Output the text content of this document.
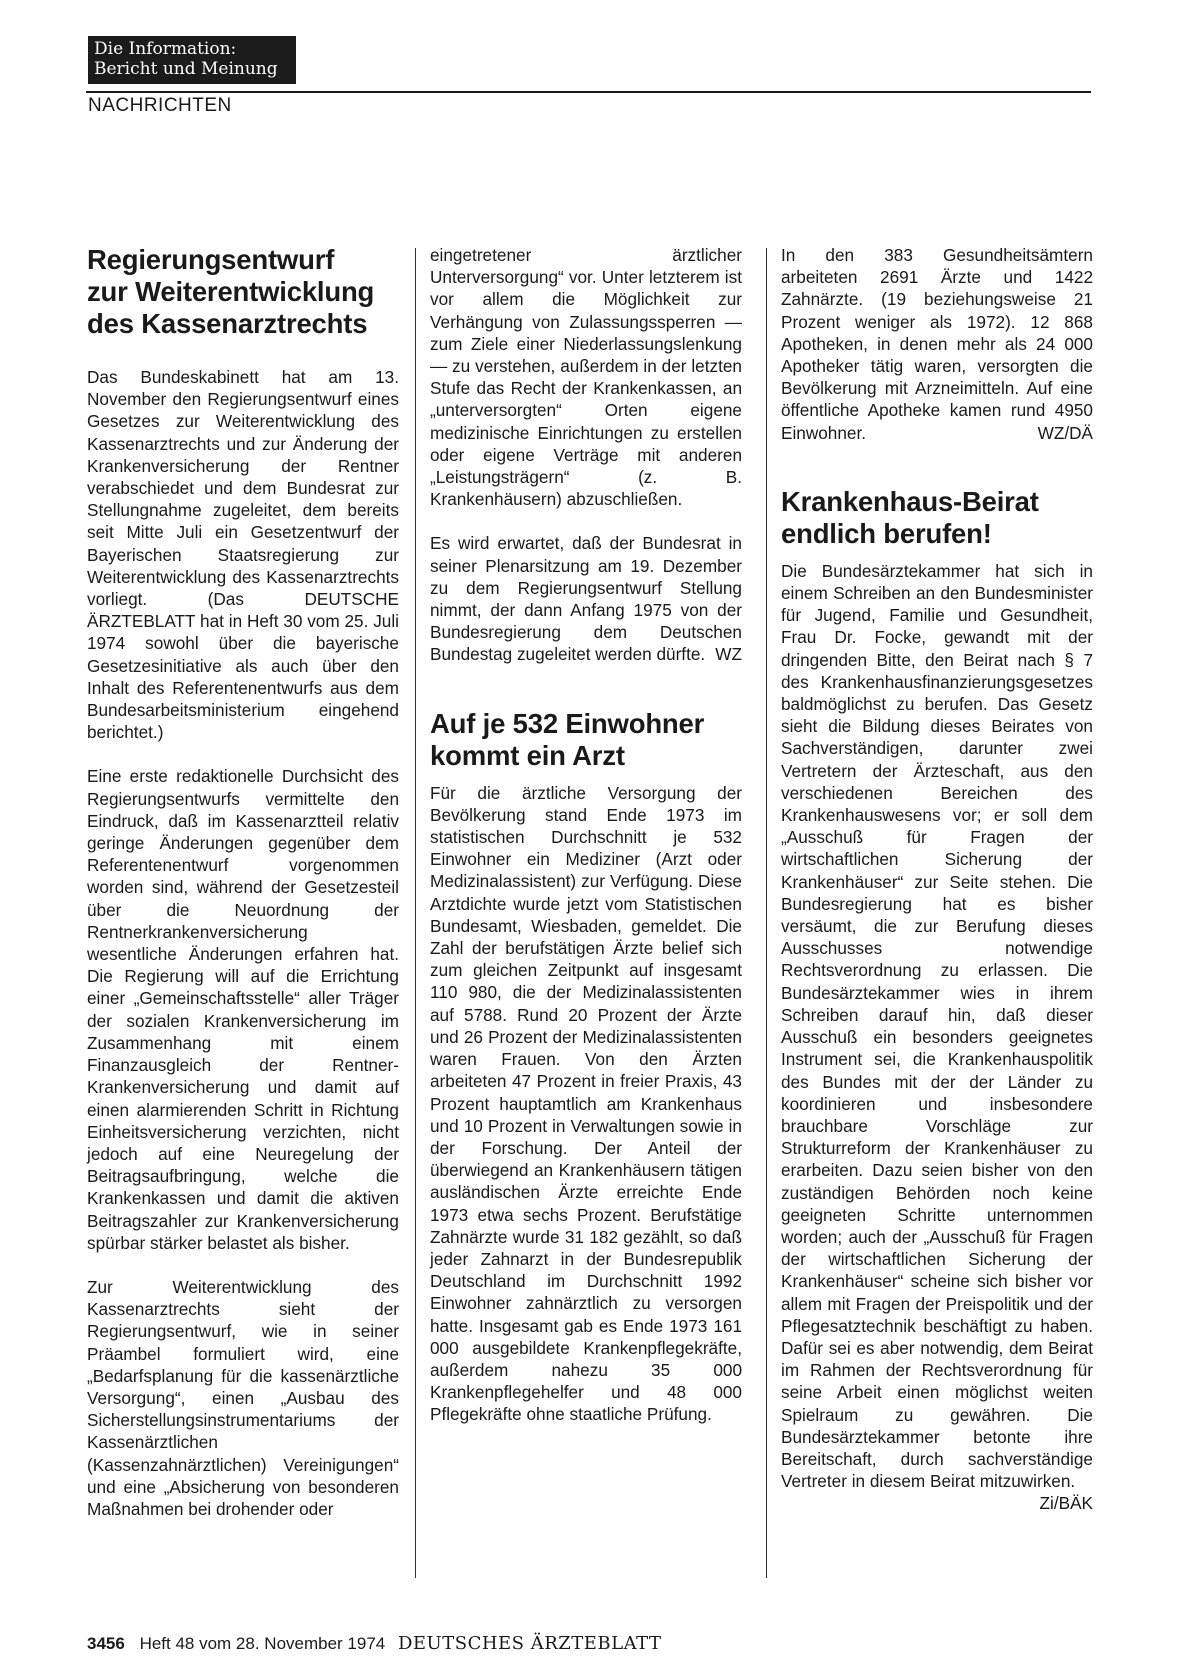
Die Information:
Bericht und Meinung
NACHRICHTEN
Regierungsentwurf
zur Weiterentwicklung
des Kassenarztrechts

Das Bundeskabinett hat am 13. November den Regierungsentwurf eines Gesetzes zur Weiterentwicklung des Kassenarztrechts und zur Änderung der Krankenversicherung der Rentner verabschiedet und dem Bundesrat zur Stellungnahme zugeleitet, dem bereits seit Mitte Juli ein Gesetzentwurf der Bayerischen Staatsregierung zur Weiterentwicklung des Kassenarztrechts vorliegt. (Das DEUTSCHE ÄRZTEBLATT hat in Heft 30 vom 25. Juli 1974 sowohl über die bayerische Gesetzesinitiative als auch über den Inhalt des Referentenentwurfs aus dem Bundesarbeitsministerium eingehend berichtet.)

Eine erste redaktionelle Durchsicht des Regierungsentwurfs vermittelte den Eindruck, daß im Kassenarztteil relativ geringe Änderungen gegenüber dem Referentenentwurf vorgenommen worden sind, während der Gesetzesteil über die Neuordnung der Rentnerkrankenversicherung wesentliche Änderungen erfahren hat. Die Regierung will auf die Errichtung einer „Gemeinschaftsstelle“ aller Träger der sozialen Krankenversicherung im Zusammenhang mit einem Finanzausgleich der Rentner-Krankenversicherung und damit auf einen alarmierenden Schritt in Richtung Einheitsversicherung verzichten, nicht jedoch auf eine Neuregelung der Beitragsaufbringung, welche die Krankenkassen und damit die aktiven Beitragszahler zur Krankenversicherung spürbar stärker belastet als bisher.

Zur Weiterentwicklung des Kassenarztrechts sieht der Regierungsentwurf, wie in seiner Präambel formuliert wird, eine „Bedarfsplanung für die kassenärztliche Versorgung“, einen „Ausbau des Sicherstellungsinstrumentariums der Kassenärztlichen (Kassenzahnärztlichen) Vereinigungen“ und eine „Absicherung von besonderen Maßnahmen bei drohender oder

eingetretener ärztlicher Unterversorgung“ vor. Unter letzterem ist vor allem die Möglichkeit zur Verhängung von Zulassungssperren — zum Ziele einer Niederlassungslenkung — zu verstehen, außerdem in der letzten Stufe das Recht der Krankenkassen, an „unterversorgten“ Orten eigene medizinische Einrichtungen zu erstellen oder eigene Verträge mit anderen „Leistungsträgern“ (z. B. Krankenhäusern) abzuschließen.

Es wird erwartet, daß der Bundesrat in seiner Plenarsitzung am 19. Dezember zu dem Regierungsentwurf Stellung nimmt, der dann Anfang 1975 von der Bundesregierung dem Deutschen Bundestag zugeleitet werden dürfte. WZ

Auf je 532 Einwohner
kommt ein Arzt

Für die ärztliche Versorgung der Bevölkerung stand Ende 1973 im statistischen Durchschnitt je 532 Einwohner ein Mediziner (Arzt oder Medizinalassistent) zur Verfügung. Diese Arztdichte wurde jetzt vom Statistischen Bundesamt, Wiesbaden, gemeldet. Die Zahl der berufstätigen Ärzte belief sich zum gleichen Zeitpunkt auf insgesamt 110 980, die der Medizinalassistenten auf 5788. Rund 20 Prozent der Ärzte und 26 Prozent der Medizinalassistenten waren Frauen. Von den Ärzten arbeiteten 47 Prozent in freier Praxis, 43 Prozent hauptamtlich am Krankenhaus und 10 Prozent in Verwaltungen sowie in der Forschung. Der Anteil der überwiegend an Krankenhäusern tätigen ausländischen Ärzte erreichte Ende 1973 etwa sechs Prozent. Berufstätige Zahnärzte wurde 31 182 gezählt, so daß jeder Zahnarzt in der Bundesrepublik Deutschland im Durchschnitt 1992 Einwohner zahnärztlich zu versorgen hatte. Insgesamt gab es Ende 1973 161 000 ausgebildete Krankenpflegekräfte, außerdem nahezu 35 000 Krankenpflegehelfer und 48 000 Pflegekräfte ohne staatliche Prüfung.

In den 383 Gesundheitsämtern arbeiteten 2691 Ärzte und 1422 Zahnärzte. (19 beziehungsweise 21 Prozent weniger als 1972). 12 868 Apotheken, in denen mehr als 24 000 Apotheker tätig waren, versorgten die Bevölkerung mit Arzneimitteln. Auf eine öffentliche Apotheke kamen rund 4950 Einwohner.	WZ/DÄ

Krankenhaus-Beirat
endlich berufen!

Die Bundesärztekammer hat sich in einem Schreiben an den Bundesminister für Jugend, Familie und Gesundheit, Frau Dr. Focke, gewandt mit der dringenden Bitte, den Beirat nach § 7 des Krankenhausfinanzierungsgesetzes baldmöglichst zu berufen. Das Gesetz sieht die Bildung dieses Beirates von Sachverständigen, darunter zwei Vertretern der Ärzteschaft, aus den verschiedenen Bereichen des Krankenhauswesens vor; er soll dem „Ausschuß für Fragen der wirtschaftlichen Sicherung der Krankenhäuser“ zur Seite stehen. Die Bundesregierung hat es bisher versäumt, die zur Berufung dieses Ausschusses notwendige Rechtsverordnung zu erlassen. Die Bundesärztekammer wies in ihrem Schreiben darauf hin, daß dieser Ausschuß ein besonders geeignetes Instrument sei, die Krankenhauspolitik des Bundes mit der der Länder zu koordinieren und insbesondere brauchbare Vorschläge zur Strukturreform der Krankenhäuser zu erarbeiten. Dazu seien bisher von den zuständigen Behörden noch keine geeigneten Schritte unternommen worden; auch der „Ausschuß für Fragen der wirtschaftlichen Sicherung der Krankenhäuser“ scheine sich bisher vor allem mit Fragen der Preispolitik und der Pflegesatztechnik beschäftigt zu haben. Dafür sei es aber notwendig, dem Beirat im Rahmen der Rechtsverordnung für seine Arbeit einen möglichst weiten Spielraum zu gewähren. Die Bundesärztekammer betonte ihre Bereitschaft, durch sachverständige Vertreter in diesem Beirat mitzuwirken.
Zi/BÄK

3456 Heft 48 vom 28. November 1974 DEUTSCHES ÄRZTEBLATT
